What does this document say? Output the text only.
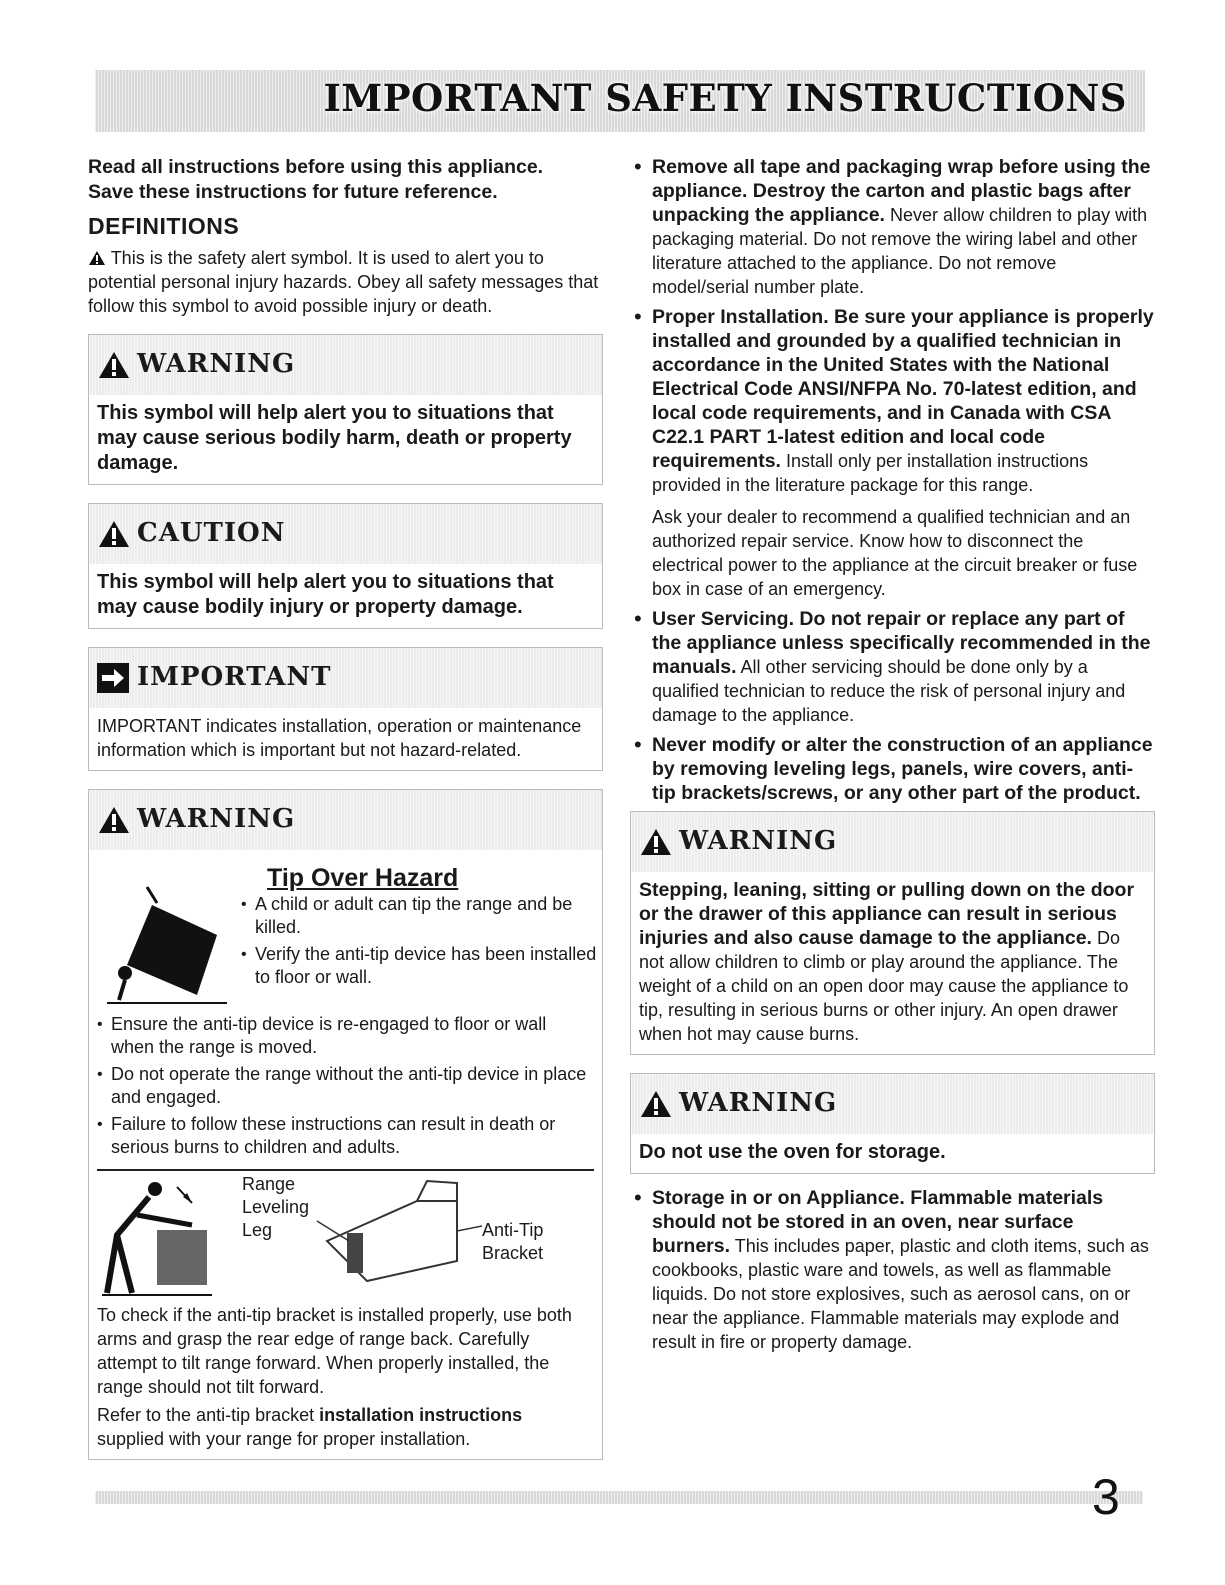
IMPORTANT SAFETY INSTRUCTIONS

Read all instructions before using this appliance.

Save these instructions for future reference.

DEFINITIONS

This is the safety alert symbol. It is used to alert you to potential personal injury hazards. Obey all safety messages that follow this symbol to avoid possible injury or death.

WARNING
This symbol will help alert you to situations that may cause serious bodily harm, death or property damage.
CAUTION
This symbol will help alert you to situations that may cause bodily injury or property damage.
IMPORTANT
IMPORTANT indicates installation, operation or maintenance information which is important but not hazard-related.
WARNING
Tip Over Hazard
• A child or adult can tip the range and be killed.
• Verify the anti-tip device has been installed to floor or wall.
• Ensure the anti-tip device is re-engaged to floor or wall when the range is moved.
• Do not operate the range without the anti-tip device in place and engaged.
• Failure to follow these instructions can result in death or serious burns to children and adults.
Range
Leveling
Leg	Anti-Tip
Bracket

To check if the anti-tip bracket is installed properly, use both arms and grasp the rear edge of range back. Carefully attempt to tilt range forward. When properly installed, the range should not tilt forward.

Refer to the anti-tip bracket installation instructions supplied with your range for proper installation.

• Remove all tape and packaging wrap before using the appliance. Destroy the carton and plastic bags after unpacking the appliance. Never allow children to play with packaging material. Do not remove the wiring label and other literature attached to the appliance. Do not remove model/serial number plate.
• Proper Installation. Be sure your appliance is properly installed and grounded by a qualified technician in accordance in the United States with the National Electrical Code ANSI/NFPA No. 70-latest edition, and local code requirements, and in Canada with CSA C22.1 PART 1-latest edition and local code requirements. Install only per installation instructions provided in the literature package for this range.

Ask your dealer to recommend a qualified technician and an authorized repair service. Know how to disconnect the electrical power to the appliance at the circuit breaker or fuse box in case of an emergency.

• User Servicing. Do not repair or replace any part of the appliance unless specifically recommended in the manuals. All other servicing should be done only by a qualified technician to reduce the risk of personal injury and damage to the appliance.
• Never modify or alter the construction of an appliance by removing leveling legs, panels, wire covers, anti-tip brackets/screws, or any other part of the product.
WARNING
Stepping, leaning, sitting or pulling down on the door or the drawer of this appliance can result in serious injuries and also cause damage to the appliance. Do not allow children to climb or play around the appliance. The weight of a child on an open door may cause the appliance to tip, resulting in serious burns or other injury. An open drawer when hot may cause burns.
WARNING
Do not use the oven for storage.
• Storage in or on Appliance. Flammable materials should not be stored in an oven, near surface burners. This includes paper, plastic and cloth items, such as cookbooks, plastic ware and towels, as well as flammable liquids. Do not store explosives, such as aerosol cans, on or near the appliance. Flammable materials may explode and result in fire or property damage.
3
